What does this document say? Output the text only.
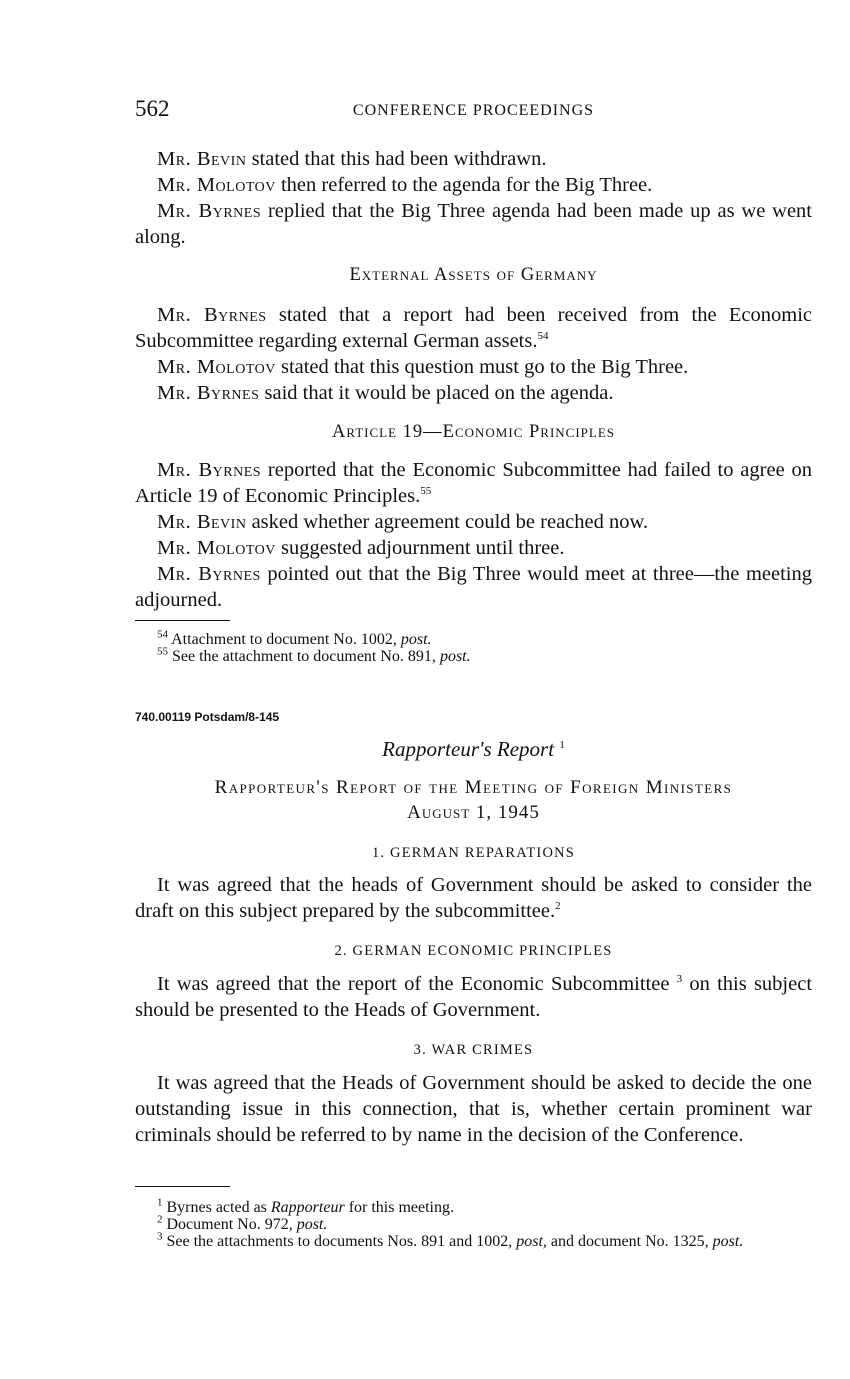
562	CONFERENCE PROCEEDINGS

Mr. Bevin stated that this had been withdrawn.

Mr. Molotov then referred to the agenda for the Big Three.

Mr. Byrnes replied that the Big Three agenda had been made up as we went along.

External Assets of Germany

Mr. Byrnes stated that a report had been received from the Economic Subcommittee regarding external German assets.$^{54}$

Mr. Molotov stated that this question must go to the Big Three.

Mr. Byrnes said that it would be placed on the agenda.

Article 19—Economic Principles

Mr. Byrnes reported that the Economic Subcommittee had failed to agree on Article 19 of Economic Principles.$^{55}$

Mr. Bevin asked whether agreement could be reached now.

Mr. Molotov suggested adjournment until three.

Mr. Byrnes pointed out that the Big Three would meet at three—the meeting adjourned.

$^{54}$ Attachment to document No. 1002, post.

$^{55}$ See the attachment to document No. 891, post.

740.00119 Potsdam/8-145

Rapporteur's Report $^1$

Rapporteur's Report of the Meeting of Foreign Ministers

August 1, 1945

1. GERMAN REPARATIONS

It was agreed that the heads of Government should be asked to consider the draft on this subject prepared by the subcommittee.$^2$

2. GERMAN ECONOMIC PRINCIPLES

It was agreed that the report of the Economic Subcommittee $^3$ on this subject should be presented to the Heads of Government.

3. WAR CRIMES

It was agreed that the Heads of Government should be asked to decide the one outstanding issue in this connection, that is, whether certain prominent war criminals should be referred to by name in the decision of the Conference.

$^1$ Byrnes acted as Rapporteur for this meeting.

$^2$ Document No. 972, post.

$^3$ See the attachments to documents Nos. 891 and 1002, post, and document No. 1325, post.
